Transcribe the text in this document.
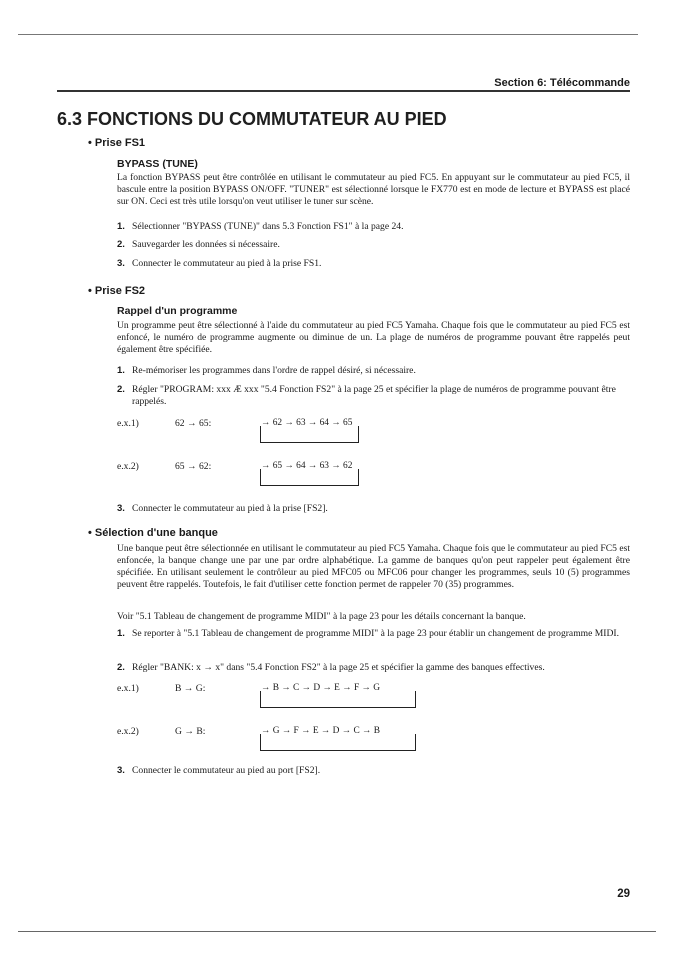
Section 6: Télécommande
6.3 FONCTIONS DU COMMUTATEUR AU PIED
• Prise FS1
BYPASS (TUNE)
La fonction BYPASS peut être contrôlée en utilisant le commutateur au pied FC5. En appuyant sur le commutateur au pied FC5, il bascule entre la position BYPASS ON/OFF. "TUNER" est sélectionné lorsque le FX770 est en mode de lecture et BYPASS est placé sur ON. Ceci est très utile lorsqu'on veut utiliser le tuner sur scène.
1. Sélectionner "BYPASS (TUNE)" dans 5.3 Fonction FS1" à la page 24.
2. Sauvegarder les données si nécessaire.
3. Connecter le commutateur au pied à la prise FS1.
• Prise FS2
Rappel d'un programme
Un programme peut être sélectionné à l'aide du commutateur au pied FC5 Yamaha. Chaque fois que le commutateur au pied FC5 est enfoncé, le numéro de programme augmente ou diminue de un. La plage de numéros de programme pouvant être rappelés peut également être spécifiée.
1. Re-mémoriser les programmes dans l'ordre de rappel désiré, si nécessaire.
2. Régler "PROGRAM: xxx Æ xxx "5.4 Fonction FS2" à la page 25 et spécifier la plage de numéros de programme pouvant être rappelés.
e.x.1)	62 → 65:	→ 62 → 63 → 64 → 65
e.x.2)	65 → 62:	→ 65 → 64 → 63 → 62
3. Connecter le commutateur au pied à la prise [FS2].
• Sélection d'une banque
Une banque peut être sélectionnée en utilisant le commutateur au pied FC5 Yamaha. Chaque fois que le commutateur au pied FC5 est enfoncée, la banque change une par une par ordre alphabétique. La gamme de banques qu'on peut rappeler peut également être spécifiée. En utilisant seulement le contrôleur au pied MFC05 ou MFC06 pour changer les programmes, seuls 10 (5) programmes peuvent être rappelés. Toutefois, le fait d'utiliser cette fonction permet de rappeler 70 (35) programmes.
Voir "5.1 Tableau de changement de programme MIDI" à la page 23 pour les détails concernant la banque.
1. Se reporter à "5.1 Tableau de changement de programme MIDI" à la page 23 pour établir un changement de programme MIDI.
2. Régler "BANK: x → x" dans "5.4 Fonction FS2" à la page 25 et spécifier la gamme des banques effectives.
e.x.1)	B → G:	→ B → C → D → E → F → G
e.x.2)	G → B:	→ G → F → E → D → C → B
3. Connecter le commutateur au pied au port [FS2].
29
